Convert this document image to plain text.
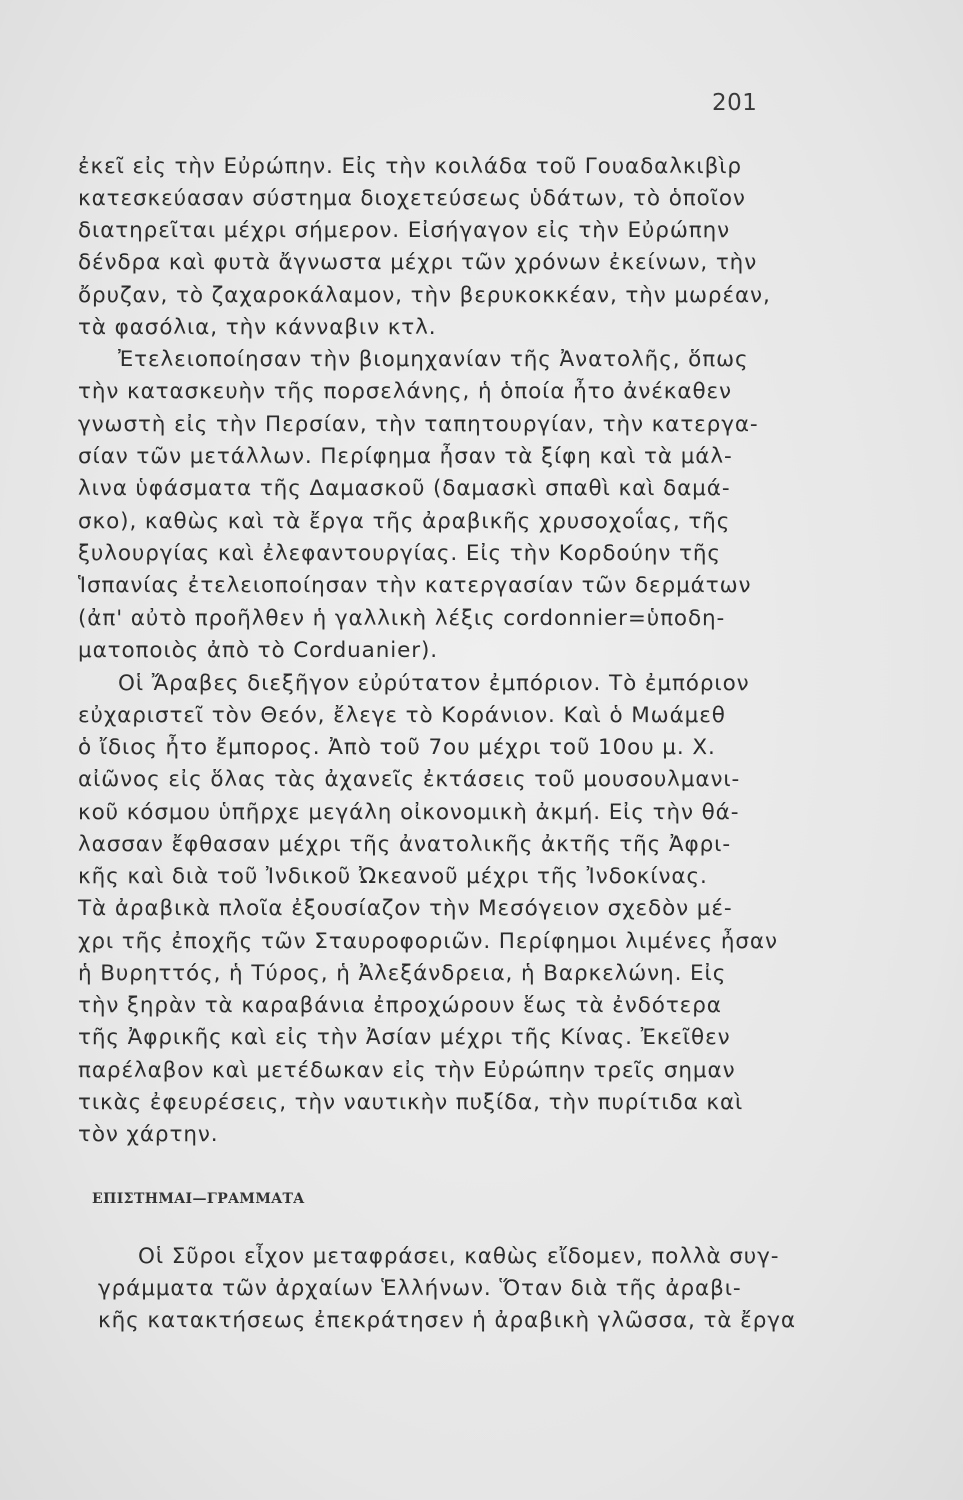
201
ἐκεῖ εἰς τὴν Εὐρώπην. Εἰς τὴν κοιλάδα τοῦ Γουαδαλκιβὶρ
κατεσκεύασαν σύστημα διοχετεύσεως ὑδάτων, τὸ ὁποῖον
διατηρεῖται μέχρι σήμερον. Εἰσήγαγον εἰς τὴν Εὐρώπην
δένδρα καὶ φυτὰ ἄγνωστα μέχρι τῶν χρόνων ἐκείνων, τὴν
ὄρυζαν, τὸ ζαχαροκάλαμον, τὴν βερυκοκκέαν, τὴν μωρέαν,
τὰ φασόλια, τὴν κάνναβιν κτλ.
Ἐτελειοποίησαν τὴν βιομηχανίαν τῆς Ἀνατολῆς, ὅπως
τὴν κατασκευὴν τῆς πορσελάνης, ἡ ὁποία ἦτο ἀνέκαθεν
γνωστὴ εἰς τὴν Περσίαν, τὴν ταπητουργίαν, τὴν κατεργα-
σίαν τῶν μετάλλων. Περίφημα ἦσαν τὰ ξίφη καὶ τὰ μάλ-
λινα ὑφάσματα τῆς Δαμασκοῦ (δαμασκὶ σπαθὶ καὶ δαμά-
σκο), καθὼς καὶ τὰ ἔργα τῆς ἀραβικῆς χρυσοχοΐας, τῆς
ξυλουργίας καὶ ἐλεφαντουργίας. Εἰς τὴν Κορδούην τῆς
Ἱσπανίας ἐτελειοποίησαν τὴν κατεργασίαν τῶν δερμάτων
(ἀπ' αὐτὸ προῆλθεν ἡ γαλλικὴ λέξις cordonnier=ὑποδη-
ματοποιὸς ἀπὸ τὸ Corduanier).
Οἱ Ἄραβες διεξῆγον εὐρύτατον ἐμπόριον. Τὸ ἐμπόριον
εὐχαριστεῖ τὸν Θεόν, ἔλεγε τὸ Κοράνιον. Καὶ ὁ Μωάμεθ
ὁ ἴδιος ἦτο ἔμπορος. Ἀπὸ τοῦ 7ου μέχρι τοῦ 10ου μ. Χ.
αἰῶνος εἰς ὅλας τὰς ἀχανεῖς ἐκτάσεις τοῦ μουσουλμανι-
κοῦ κόσμου ὑπῆρχε μεγάλη οἰκονομικὴ ἀκμή. Εἰς τὴν θά-
λασσαν ἔφθασαν μέχρι τῆς ἀνατολικῆς ἀκτῆς τῆς Ἀφρι-
κῆς καὶ διὰ τοῦ Ἰνδικοῦ Ὠκεανοῦ μέχρι τῆς Ἰνδοκίνας.
Τὰ ἀραβικὰ πλοῖα ἐξουσίαζον τὴν Μεσόγειον σχεδὸν μέ-
χρι τῆς ἐποχῆς τῶν Σταυροφοριῶν. Περίφημοι λιμένες ἦσαν
ἡ Βυρηττός, ἡ Τύρος, ἡ Ἀλεξάνδρεια, ἡ Βαρκελώνη. Εἰς
τὴν ξηρὰν τὰ καραβάνια ἐπροχώρουν ἕως τὰ ἐνδότερα
τῆς Ἀφρικῆς καὶ εἰς τὴν Ἀσίαν μέχρι τῆς Κίνας. Ἐκεῖθεν
παρέλαβον καὶ μετέδωκαν εἰς τὴν Εὐρώπην τρεῖς σημαν
τικὰς ἐφευρέσεις, τὴν ναυτικὴν πυξίδα, τὴν πυρίτιδα καὶ
τὸν χάρτην.
ΕΠΙΣΤΗΜΑΙ—ΓΡΑΜΜΑΤΑ
Οἱ Σῦροι εἶχον μεταφράσει, καθὼς εἴδομεν, πολλὰ συγ-
γράμματα τῶν ἀρχαίων Ἑλλήνων. Ὅταν διὰ τῆς ἀραβι-
κῆς κατακτήσεως ἐπεκράτησεν ἡ ἀραβικὴ γλῶσσα, τὰ ἔργα
